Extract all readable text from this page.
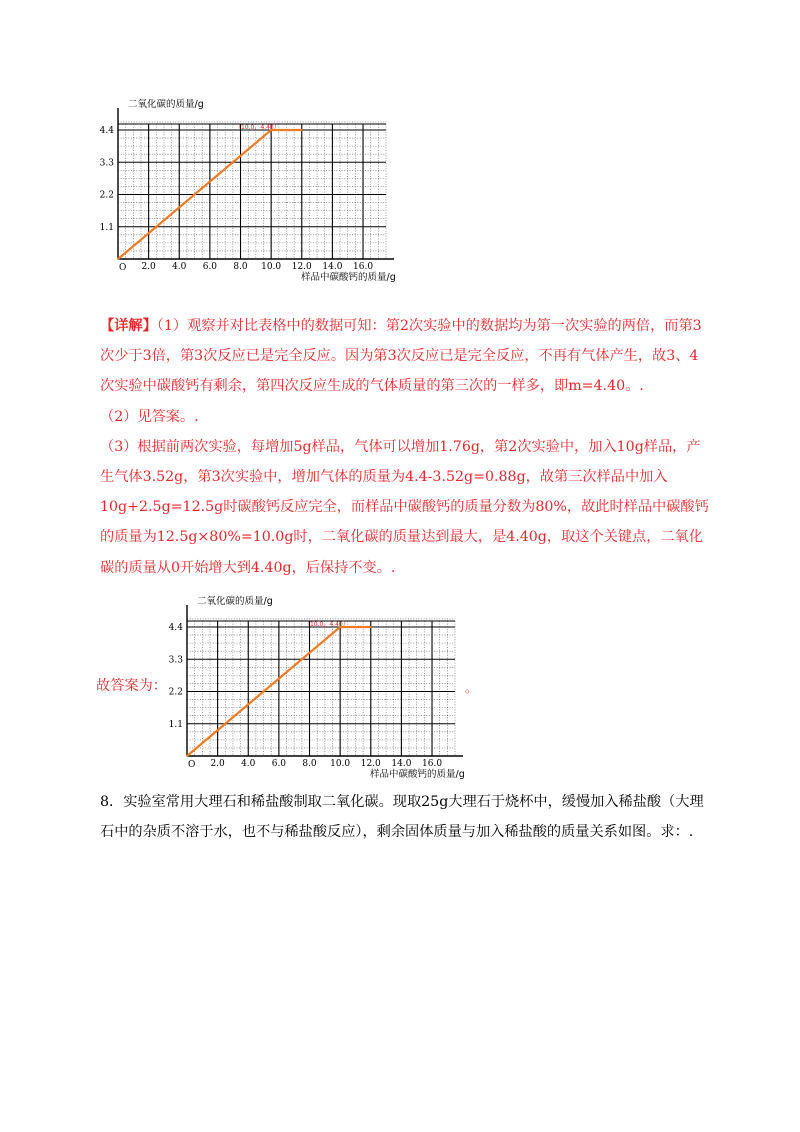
二氧化碳的质量/g
样品中碳酸钙的质量/g
O 2.0 4.0 6.0 8.0 10.0 12.0 14.0 16.0
1.1
2.2
3.3
4.4	（10.0，4.40）

【详解】（1）观察并对比表格中的数据可知：第2次实验中的数据均为第一次实验的两倍，而第3次少于3倍，第3次反应已是完全反应。因为第3次反应已是完全反应，不再有气体产生，故3、4次实验中碳酸钙有剩余，第四次反应生成的气体质量的第三次的一样多，即m=4.40。.

（2）见答案。.

（3）根据前两次实验，每增加5g样品，气体可以增加1.76g，第2次实验中，加入10g样品，产生气体3.52g，第3次实验中，增加气体的质量为4.4-3.52g=0.88g，故第三次样品中加入10g+2.5g=12.5g时碳酸钙反应完全，而样品中碳酸钙的质量分数为80%，故此时样品中碳酸钙的质量为12.5g×80%=10.0g时，二氧化碳的质量达到最大，是4.40g，取这个关键点，二氧化碳的质量从0开始增大到4.40g，后保持不变。.

故答案为：
二氧化碳的质量/g
样品中碳酸钙的质量/g
O 2.0 4.0 6.0 8.0 10.0 12.0 14.0 16.0
1.1
2.2
3.3
4.4	（10.0，4.40）
。

8．实验室常用大理石和稀盐酸制取二氧化碳。现取25g大理石于烧杯中，缓慢加入稀盐酸（大理石中的杂质不溶于水，也不与稀盐酸反应），剩余固体质量与加入稀盐酸的质量关系如图。求：.
